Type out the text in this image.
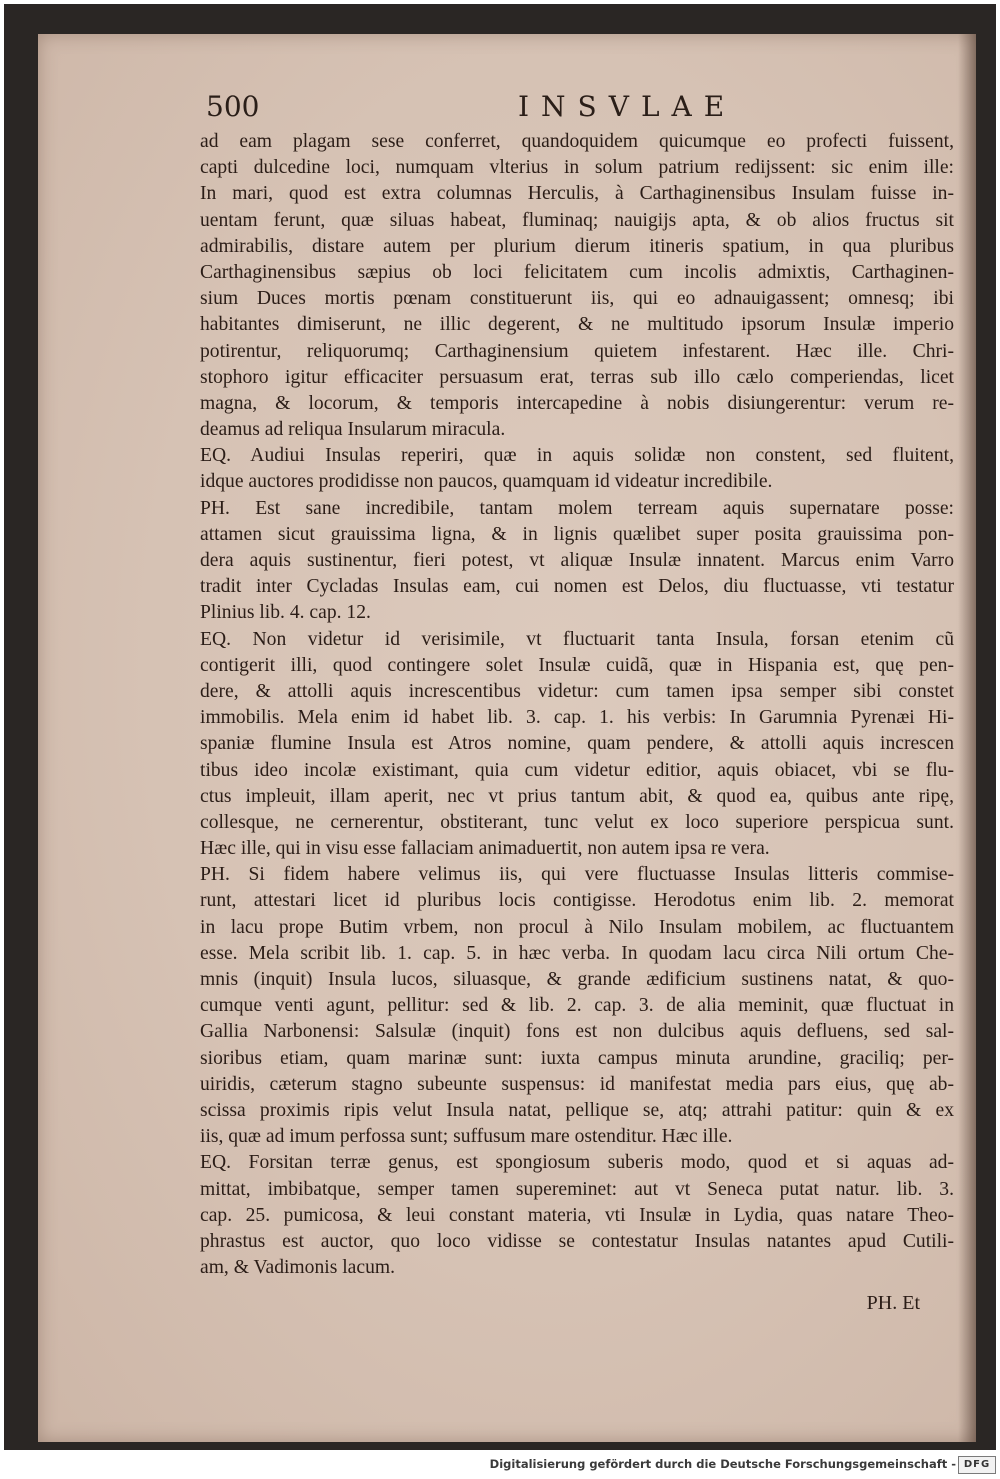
500	INSVLAE
ad eam plagam sese conferret, quandoquidem quicumque eo profecti fuissent,
capti dulcedine loci, numquam vlterius in solum patrium redijssent: sic enim ille:
In mari, quod est extra columnas Herculis, à Carthaginensibus Insulam fuisse in-
uentam ferunt, quæ siluas habeat, fluminaq; nauigijs apta, & ob alios fructus sit
admirabilis, distare autem per plurium dierum itineris spatium, in qua pluribus
Carthaginensibus sæpius ob loci felicitatem cum incolis admixtis, Carthaginen-
sium Duces mortis pœnam constituerunt iis, qui eo adnauigassent; omnesq; ibi
habitantes dimiserunt, ne illic degerent, & ne multitudo ipsorum Insulæ imperio
potirentur, reliquorumq; Carthaginensium quietem infestarent. Hæc ille. Chri-
stophoro igitur efficaciter persuasum erat, terras sub illo cælo comperiendas, licet
magna, & locorum, & temporis intercapedine à nobis disiungerentur: verum re-
deamus ad reliqua Insularum miracula.
EQ. Audiui Insulas reperiri, quæ in aquis solidæ non constent, sed fluitent,
idque auctores prodidisse non paucos, quamquam id videatur incredibile.
PH. Est sane incredibile, tantam molem terream aquis supernatare posse:
attamen sicut grauissima ligna, & in lignis quælibet super posita grauissima pon-
dera aquis sustinentur, fieri potest, vt aliquæ Insulæ innatent. Marcus enim Varro
tradit inter Cycladas Insulas eam, cui nomen est Delos, diu fluctuasse, vti testatur
Plinius lib. 4. cap. 12.
EQ. Non videtur id verisimile, vt fluctuarit tanta Insula, forsan etenim cũ
contigerit illi, quod contingere solet Insulæ cuidã, quæ in Hispania est, quę pen-
dere, & attolli aquis increscentibus videtur: cum tamen ipsa semper sibi constet
immobilis. Mela enim id habet lib. 3. cap. 1. his verbis: In Garumnia Pyrenæi Hi-
spaniæ flumine Insula est Atros nomine, quam pendere, & attolli aquis increscen
tibus ideo incolæ existimant, quia cum videtur editior, aquis obiacet, vbi se flu-
ctus impleuit, illam aperit, nec vt prius tantum abit, & quod ea, quibus ante ripę,
collesque, ne cernerentur, obstiterant, tunc velut ex loco superiore perspicua sunt.
Hæc ille, qui in visu esse fallaciam animaduertit, non autem ipsa re vera.
PH. Si fidem habere velimus iis, qui vere fluctuasse Insulas litteris commise-
runt, attestari licet id pluribus locis contigisse. Herodotus enim lib. 2. memorat
in lacu prope Butim vrbem, non procul à Nilo Insulam mobilem, ac fluctuantem
esse. Mela scribit lib. 1. cap. 5. in hæc verba. In quodam lacu circa Nili ortum Che-
mnis (inquit) Insula lucos, siluasque, & grande ædificium sustinens natat, & quo-
cumque venti agunt, pellitur: sed & lib. 2. cap. 3. de alia meminit, quæ fluctuat in
Gallia Narbonensi: Salsulæ (inquit) fons est non dulcibus aquis defluens, sed sal-
sioribus etiam, quam marinæ sunt: iuxta campus minuta arundine, graciliq; per-
uiridis, cæterum stagno subeunte suspensus: id manifestat media pars eius, quę ab-
scissa proximis ripis velut Insula natat, pellique se, atq; attrahi patitur: quin & ex
iis, quæ ad imum perfossa sunt; suffusum mare ostenditur. Hæc ille.
EQ. Forsitan terræ genus, est spongiosum suberis modo, quod et si aquas ad-
mittat, imbibatque, semper tamen supereminet: aut vt Seneca putat natur. lib. 3.
cap. 25. pumicosa, & leui constant materia, vti Insulæ in Lydia, quas natare Theo-
phrastus est auctor, quo loco vidisse se contestatur Insulas natantes apud Cutili-
am, & Vadimonis lacum.
PH. Et
Digitalisierung gefördert durch die Deutsche Forschungsgemeinschaft - DFG
